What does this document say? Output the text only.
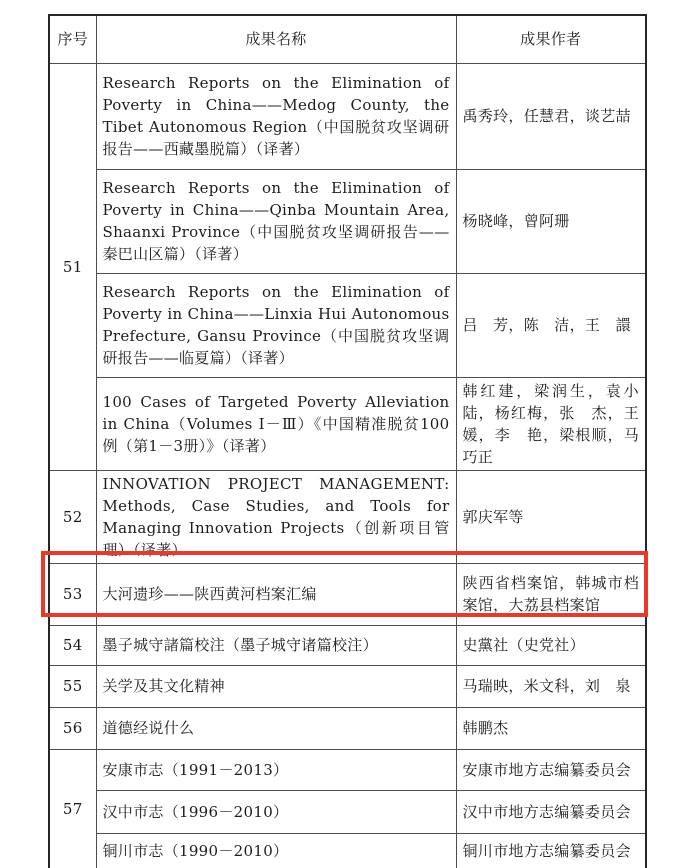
序号	成果名称	成果作者
51	Research Reports on the Elimination of Poverty in China——Medog County, the Tibet Autonomous Region（中国脱贫攻坚调研报告——西藏墨脱篇）（译著）	禹秀玲，任慧君，谈艺喆
	Research Reports on the Elimination of Poverty in China——Qinba Mountain Area, Shaanxi Province（中国脱贫攻坚调研报告——秦巴山区篇）（译著）	杨晓峰，曾阿珊
	Research Reports on the Elimination of Poverty in China——Linxia Hui Autonomous Prefecture, Gansu Province（中国脱贫攻坚调研报告——临夏篇）（译著）	吕　芳，陈　洁，王　譞
	100 Cases of Targeted Poverty Alleviation in China（Volumes Ⅰ－Ⅲ）《中国精准脱贫100例（第1－3册）》（译著）	韩红建，梁润生，袁小陆，杨红梅，张　杰，王　媛，李　艳，梁根顺，马巧正
52	INNOVATION PROJECT MANAGEMENT: Methods, Case Studies, and Tools for Managing Innovation Projects（创新项目管理）（译著）	郭庆军等
53	大河遗珍——陕西黄河档案汇编	陕西省档案馆，韩城市档案馆，大荔县档案馆
54	墨子城守諸篇校注（墨子城守诸篇校注）	史黨社（史党社）
55	关学及其文化精神	马瑞映，米文科，刘　泉
56	道德经说什么	韩鹏杰
57	安康市志（1991－2013）	安康市地方志编纂委员会
	汉中市志（1996－2010）	汉中市地方志编纂委员会
	铜川市志（1990－2010）	铜川市地方志编纂委员会
